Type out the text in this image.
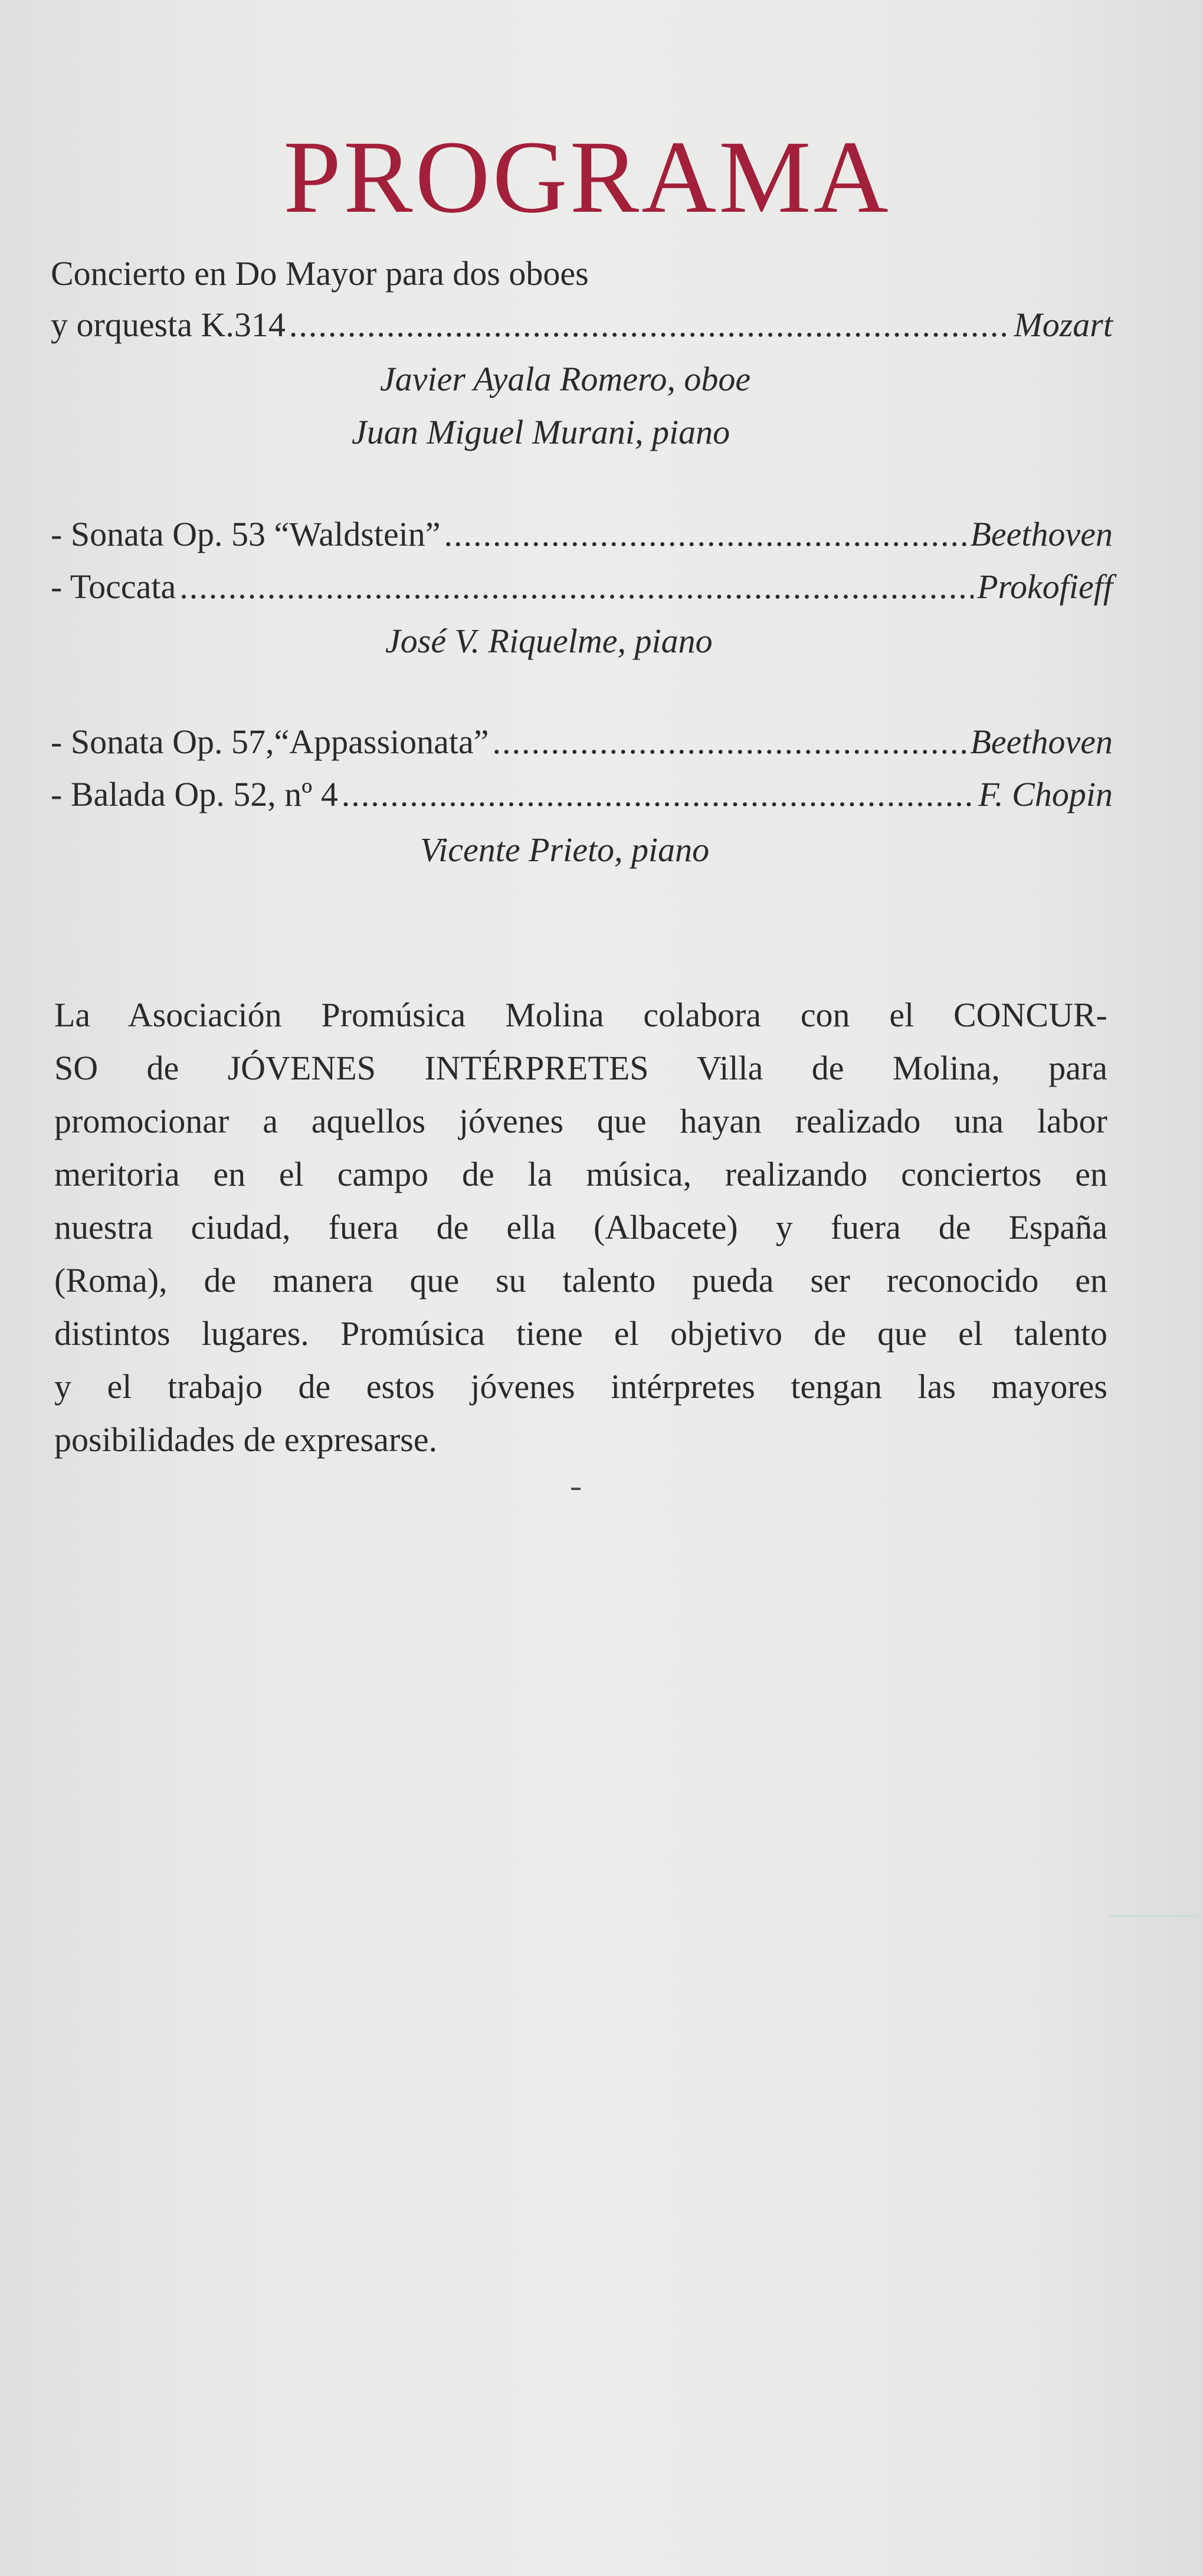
PROGRAMA
Concierto en Do Mayor para dos oboes
y orquesta K.314 .....	Mozart
Javier Ayala Romero, oboe
Juan Miguel Murani, piano
- Sonata Op. 53 “Waldstein” .....	Beethoven
- Toccata .....	Prokofieff
José V. Riquelme, piano
- Sonata Op. 57,“Appassionata” .....	Beethoven
- Balada Op. 52, nº 4 .....	F. Chopin
Vicente Prieto, piano
La Asociación Promúsica Molina colabora con el CONCUR-
SO de JÓVENES INTÉRPRETES Villa de Molina, para
promocionar a aquellos jóvenes que hayan realizado una labor
meritoria en el campo de la música, realizando conciertos en
nuestra ciudad, fuera de ella (Albacete) y fuera de España
(Roma), de manera que su talento pueda ser reconocido en
distintos lugares. Promúsica tiene el objetivo de que el talento
y el trabajo de estos jóvenes intérpretes tengan las mayores
posibilidades de expresarse.
